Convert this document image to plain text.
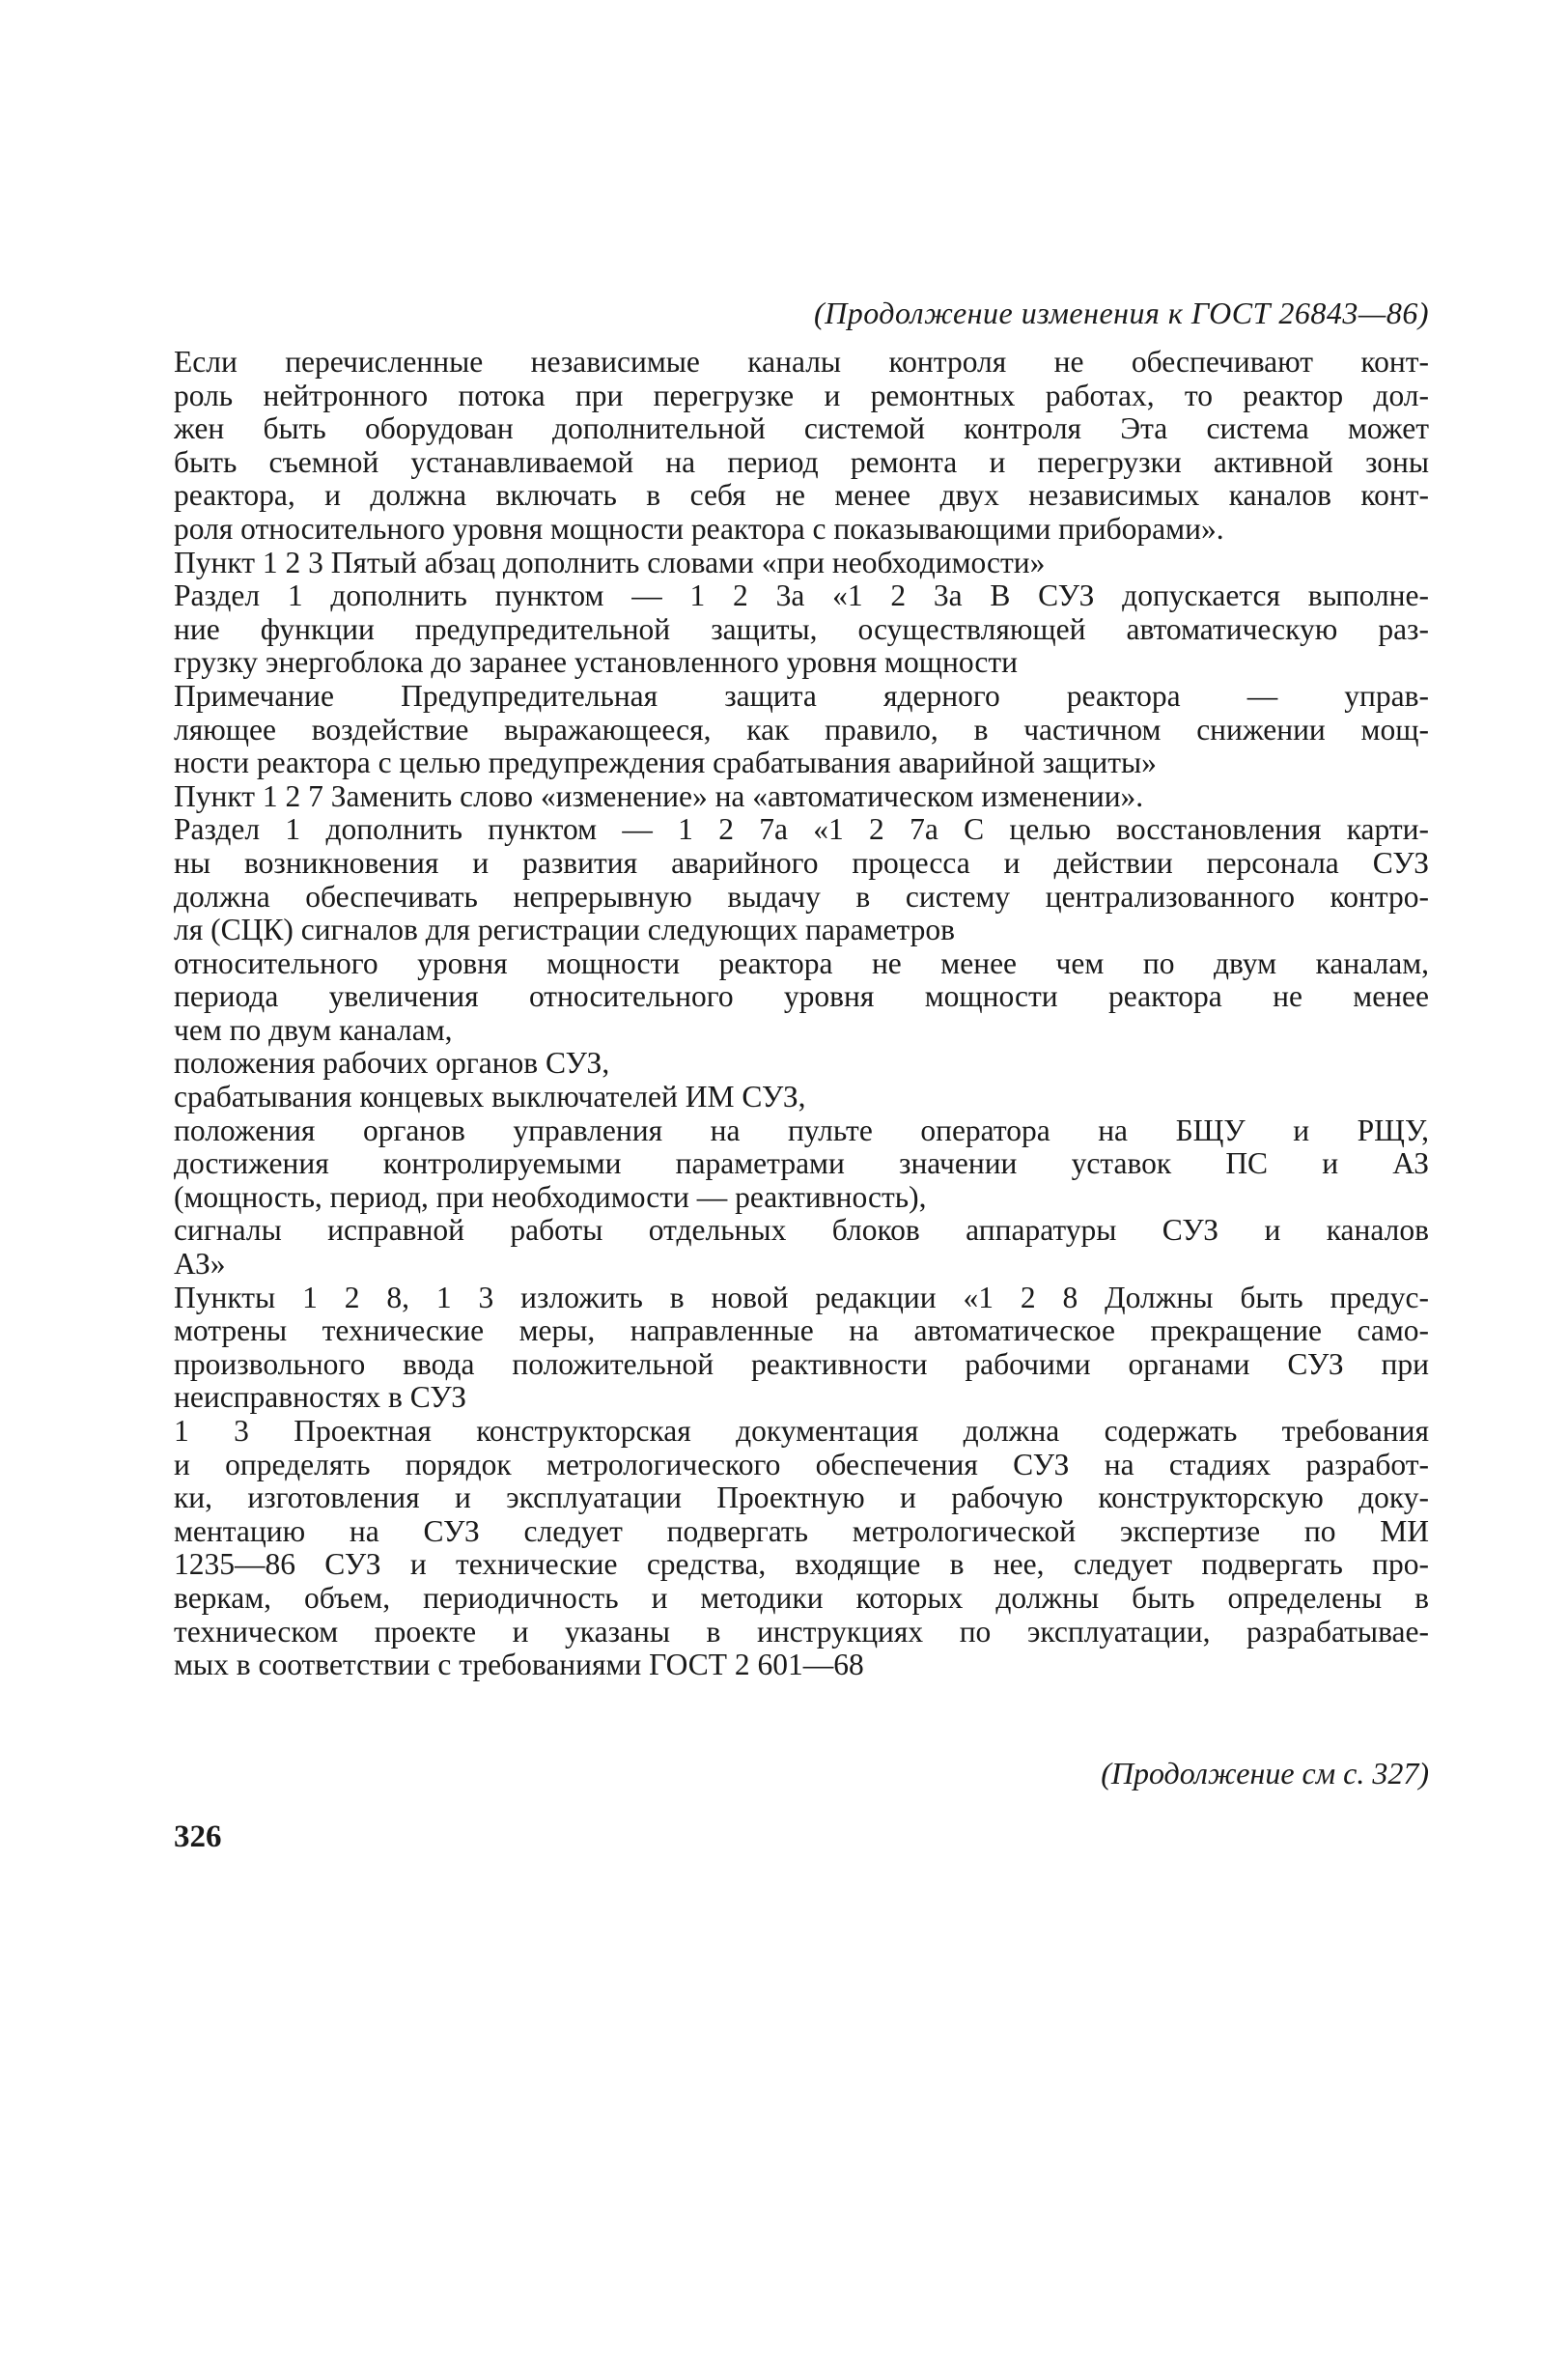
(Продолжение изменения к ГОСТ 26843—86)
Если перечисленные независимые каналы контроля не обеспечивают конт-
роль нейтронного потока при перегрузке и ремонтных работах, то реактор дол-
жен быть оборудован дополнительной системой контроля Эта система может
быть съемной устанавливаемой на период ремонта и перегрузки активной зоны
реактора, и должна включать в себя не менее двух независимых каналов конт-
роля относительного уровня мощности реактора с показывающими приборами».
Пункт 1 2 3 Пятый абзац дополнить словами «при необходимости»
Раздел 1 дополнить пунктом — 1 2 3а «1 2 3а В СУЗ допускается выполне-
ние функции предупредительной защиты, осуществляющей автоматическую раз-
грузку энергоблока до заранее установленного уровня мощности
Примечание Предупредительная защита ядерного реактора — управ-
ляющее воздействие выражающееся, как правило, в частичном снижении мощ-
ности реактора с целью предупреждения срабатывания аварийной защиты»
Пункт 1 2 7 Заменить слово «изменение» на «автоматическом изменении».
Раздел 1 дополнить пунктом — 1 2 7а «1 2 7а С целью восстановления карти-
ны возникновения и развития аварийного процесса и действии персонала СУЗ
должна обеспечивать непрерывную выдачу в систему централизованного контро-
ля (СЦК) сигналов для регистрации следующих параметров
относительного уровня мощности реактора не менее чем по двум каналам,
периода увеличения относительного уровня мощности реактора не менее
чем по двум каналам,
положения рабочих органов СУЗ,
срабатывания концевых выключателей ИМ СУЗ,
положения органов управления на пульте оператора на БЩУ и РЩУ,
достижения контролируемыми параметрами значении уставок ПС и АЗ
(мощность, период, при необходимости — реактивность),
сигналы исправной работы отдельных блоков аппаратуры СУЗ и каналов
АЗ»
Пункты 1 2 8, 1 3 изложить в новой редакции «1 2 8 Должны быть предус-
мотрены технические меры, направленные на автоматическое прекращение само-
произвольного ввода положительной реактивности рабочими органами СУЗ при
неисправностях в СУЗ
1 3 Проектная конструкторская документация должна содержать требования
и определять порядок метрологического обеспечения СУЗ на стадиях разработ-
ки, изготовления и эксплуатации Проектную и рабочую конструкторскую доку-
ментацию на СУЗ следует подвергать метрологической экспертизе по МИ
1235—86 СУЗ и технические средства, входящие в нее, следует подвергать про-
веркам, объем, периодичность и методики которых должны быть определены в
техническом проекте и указаны в инструкциях по эксплуатации, разрабатывае-
мых в соответствии с требованиями ГОСТ 2 601—68
(Продолжение см с. 327)
326
